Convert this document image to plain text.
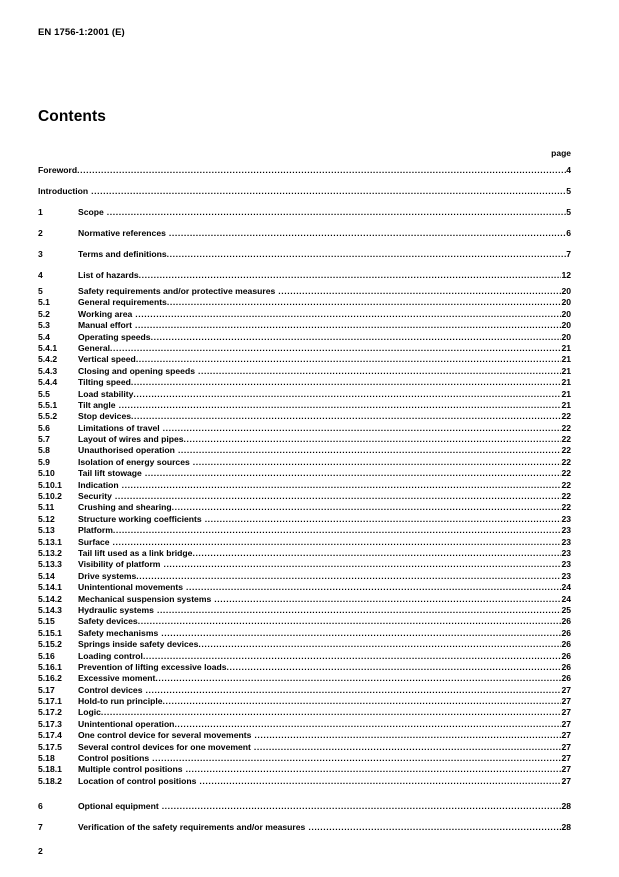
EN 1756-1:2001 (E)
Contents
page
Foreword .....	4
Introduction .....	5
1	Scope .....	5
2	Normative references .....	6
3	Terms and definitions .....	7
4	List of hazards .....	12
5	Safety requirements and/or protective measures .....	20
5.1	General requirements .....	20
5.2	Working area .....	20
5.3	Manual effort .....	20
5.4	Operating speeds .....	20
5.4.1	General .....	21
5.4.2	Vertical speed .....	21
5.4.3	Closing and opening speeds .....	21
5.4.4	Tilting speed .....	21
5.5	Load stability .....	21
5.5.1	Tilt angle .....	21
5.5.2	Stop devices .....	22
5.6	Limitations of travel .....	22
5.7	Layout of wires and pipes .....	22
5.8	Unauthorised operation .....	22
5.9	Isolation of energy sources .....	22
5.10	Tail lift stowage .....	22
5.10.1	Indication .....	22
5.10.2	Security .....	22
5.11	Crushing and shearing .....	22
5.12	Structure working coefficients .....	23
5.13	Platform .....	23
5.13.1	Surface .....	23
5.13.2	Tail lift used as a link bridge .....	23
5.13.3	Visibility of platform .....	23
5.14	Drive systems .....	23
5.14.1	Unintentional movements .....	24
5.14.2	Mechanical suspension systems .....	24
5.14.3	Hydraulic systems .....	25
5.15	Safety devices .....	26
5.15.1	Safety mechanisms .....	26
5.15.2	Springs inside safety devices .....	26
5.16	Loading control .....	26
5.16.1	Prevention of lifting excessive loads .....	26
5.16.2	Excessive moment .....	26
5.17	Control devices .....	27
5.17.1	Hold-to run principle .....	27
5.17.2	Logic .....	27
5.17.3	Unintentional operation .....	27
5.17.4	One control device for several movements .....	27
5.17.5	Several control devices for one movement .....	27
5.18	Control positions .....	27
5.18.1	Multiple control positions .....	27
5.18.2	Location of control positions .....	27
6	Optional equipment .....	28
7	Verification of the safety requirements and/or measures .....	28
2
